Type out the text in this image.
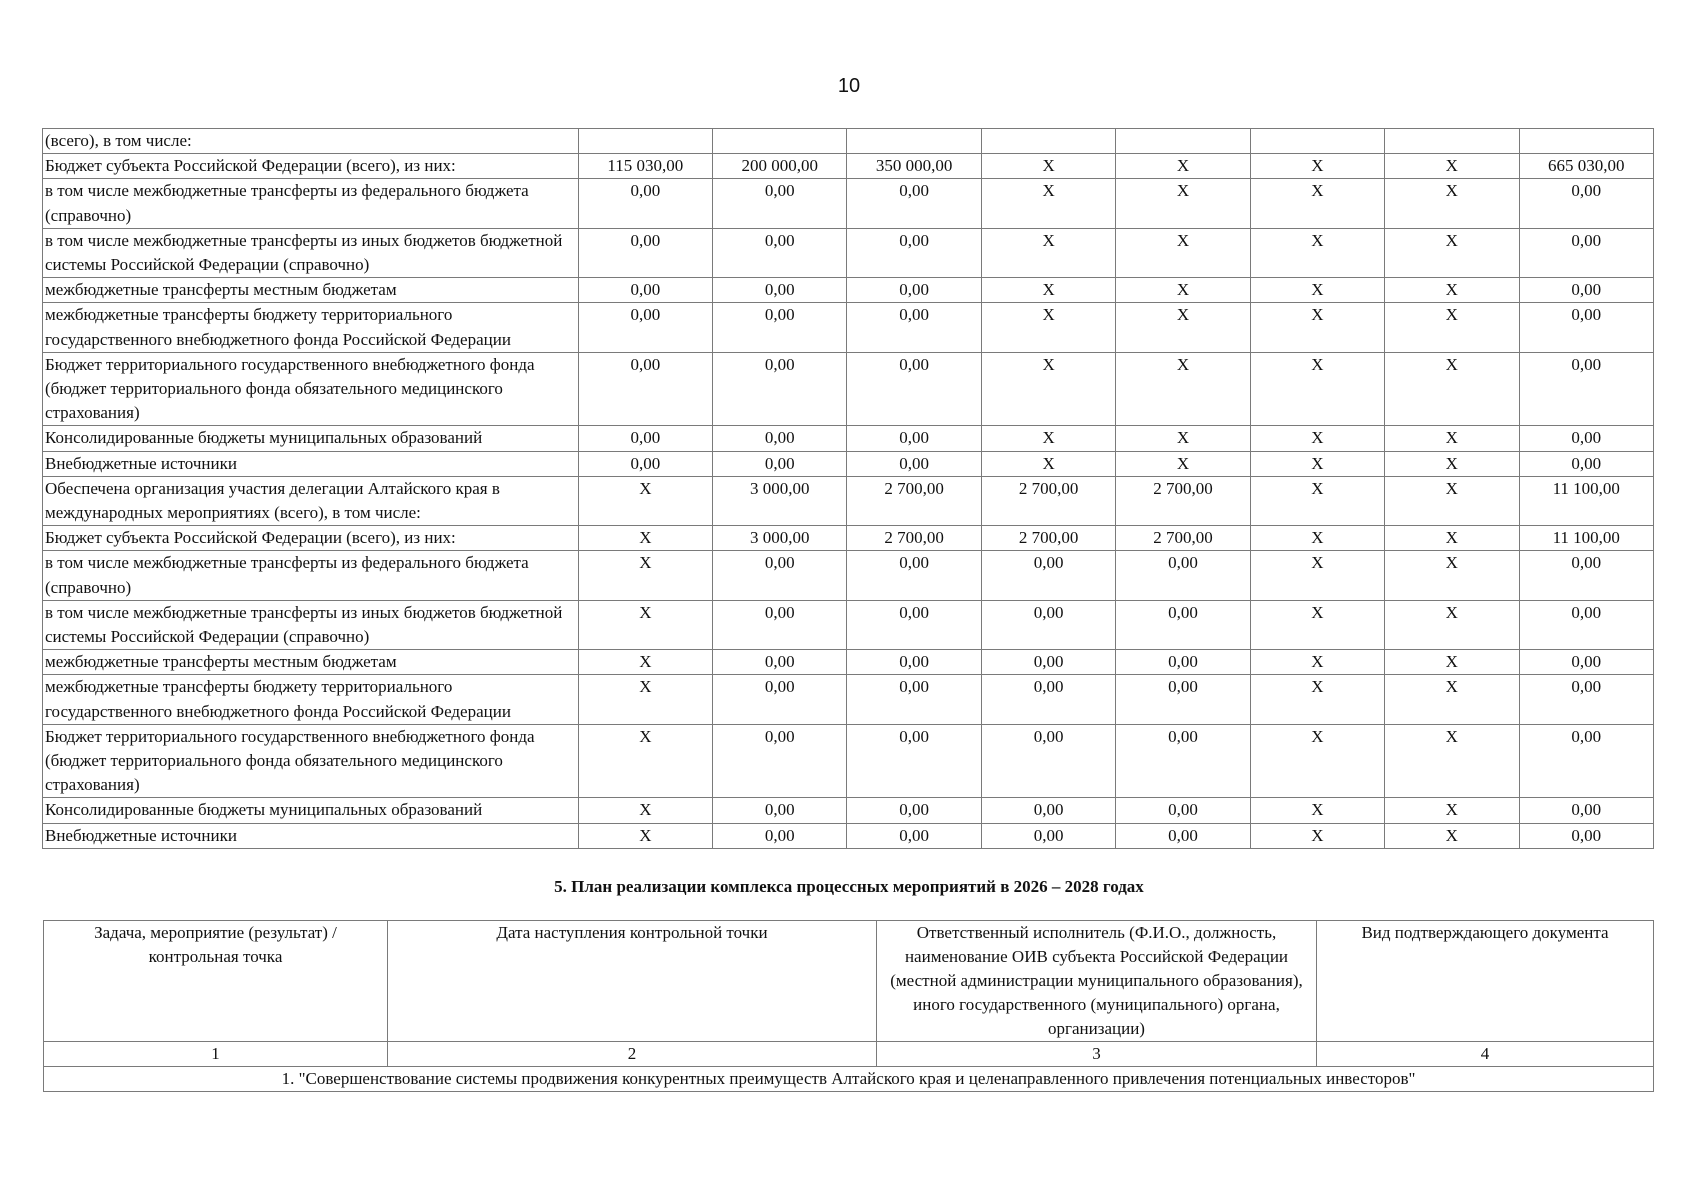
10
(всего), в том числе:								
Бюджет субъекта Российской Федерации (всего), из них:	115 030,00	200 000,00	350 000,00	X	X	X	X	665 030,00
в том числе межбюджетные трансферты из федерального бюджета (справочно)	0,00	0,00	0,00	X	X	X	X	0,00
в том числе межбюджетные трансферты из иных бюджетов бюджетной системы Российской Федерации (справочно)	0,00	0,00	0,00	X	X	X	X	0,00
межбюджетные трансферты местным бюджетам	0,00	0,00	0,00	X	X	X	X	0,00
межбюджетные трансферты бюджету территориального государственного внебюджетного фонда Российской Федерации	0,00	0,00	0,00	X	X	X	X	0,00
Бюджет территориального государственного внебюджетного фонда (бюджет территориального фонда обязательного медицинского страхования)	0,00	0,00	0,00	X	X	X	X	0,00
Консолидированные бюджеты муниципальных образований	0,00	0,00	0,00	X	X	X	X	0,00
Внебюджетные источники	0,00	0,00	0,00	X	X	X	X	0,00
Обеспечена организация участия делегации Алтайского края в международных мероприятиях (всего), в том числе:	X	3 000,00	2 700,00	2 700,00	2 700,00	X	X	11 100,00
Бюджет субъекта Российской Федерации (всего), из них:	X	3 000,00	2 700,00	2 700,00	2 700,00	X	X	11 100,00
в том числе межбюджетные трансферты из федерального бюджета (справочно)	X	0,00	0,00	0,00	0,00	X	X	0,00
в том числе межбюджетные трансферты из иных бюджетов бюджетной системы Российской Федерации (справочно)	X	0,00	0,00	0,00	0,00	X	X	0,00
межбюджетные трансферты местным бюджетам	X	0,00	0,00	0,00	0,00	X	X	0,00
межбюджетные трансферты бюджету территориального государственного внебюджетного фонда Российской Федерации	X	0,00	0,00	0,00	0,00	X	X	0,00
Бюджет территориального государственного внебюджетного фонда (бюджет территориального фонда обязательного медицинского страхования)	X	0,00	0,00	0,00	0,00	X	X	0,00
Консолидированные бюджеты муниципальных образований	X	0,00	0,00	0,00	0,00	X	X	0,00
Внебюджетные источники	X	0,00	0,00	0,00	0,00	X	X	0,00
5. План реализации комплекса процессных мероприятий в 2026 – 2028 годах
Задача, мероприятие (результат) / контрольная точка	Дата наступления контрольной точки	Ответственный исполнитель (Ф.И.О., должность, наименование ОИВ субъекта Российской Федерации (местной администрации муниципального образования), иного государственного (муниципального) органа, организации)	Вид подтверждающего документа
1	2	3	4
1. "Совершенствование системы продвижения конкурентных преимуществ Алтайского края и целенаправленного привлечения потенциальных инвесторов"			
